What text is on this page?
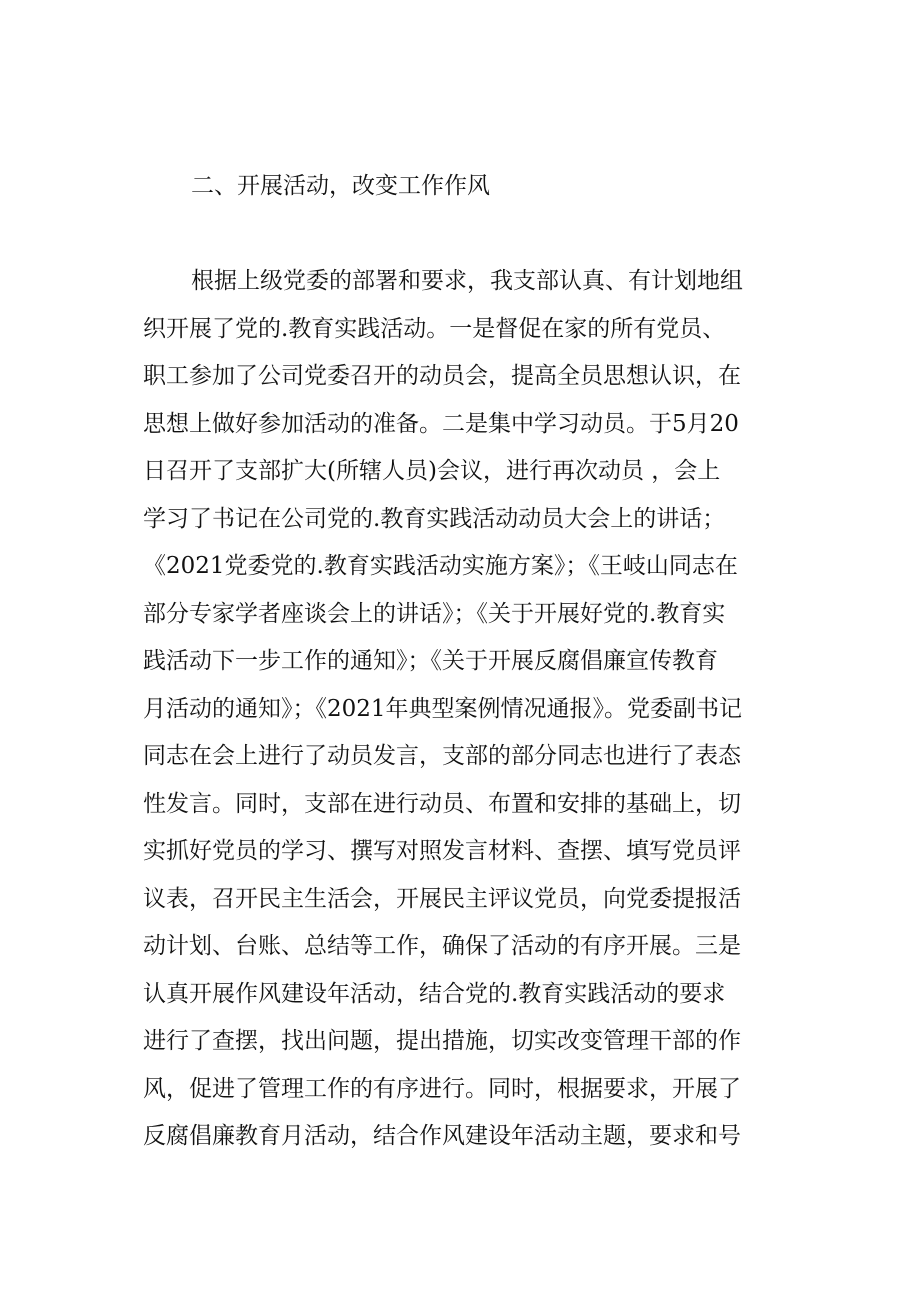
二、开展活动，改变工作作风
根据上级党委的部署和要求，我支部认真、有计划地组
织开展了党的.教育实践活动。一是督促在家的所有党员、
职工参加了公司党委召开的动员会，提高全员思想认识，在
思想上做好参加活动的准备。二是集中学习动员。于5月20
日召开了支部扩大(所辖人员)会议，进行再次动员 ，会上
学习了书记在公司党的.教育实践活动动员大会上的讲话；
《2021党委党的.教育实践活动实施方案》；《王岐山同志在
部分专家学者座谈会上的讲话》；《关于开展好党的.教育实
践活动下一步工作的通知》；《关于开展反腐倡廉宣传教育
月活动的通知》；《2021年典型案例情况通报》。党委副书记
同志在会上进行了动员发言，支部的部分同志也进行了表态
性发言。同时，支部在进行动员、布置和安排的基础上，切
实抓好党员的学习、撰写对照发言材料、查摆、填写党员评
议表，召开民主生活会，开展民主评议党员，向党委提报活
动计划、台账、总结等工作，确保了活动的有序开展。三是
认真开展作风建设年活动，结合党的.教育实践活动的要求
进行了查摆，找出问题，提出措施，切实改变管理干部的作
风，促进了管理工作的有序进行。同时，根据要求，开展了
反腐倡廉教育月活动，结合作风建设年活动主题，要求和号
